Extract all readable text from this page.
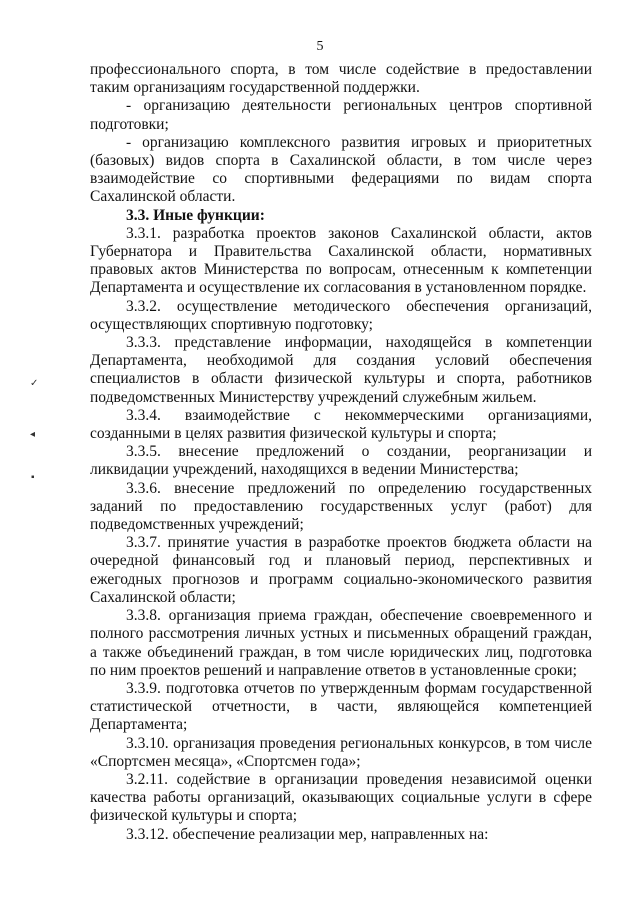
5
✓
◂
▪

профессионального спорта, в том числе содействие в предоставлении таким организациям государственной поддержки.

- организацию деятельности региональных центров спортивной подготовки;

- организацию комплексного развития игровых и приоритетных (базовых) видов спорта в Сахалинской области, в том числе через взаимодействие со спортивными федерациями по видам спорта Сахалинской области.

3.3. Иные функции:

3.3.1. разработка проектов законов Сахалинской области, актов Губернатора и Правительства Сахалинской области, нормативных правовых актов Министерства по вопросам, отнесенным к компетенции Департамента и осуществление их согласования в установленном порядке.

3.3.2. осуществление методического обеспечения организаций, осуществляющих спортивную подготовку;

3.3.3. представление информации, находящейся в компетенции Департамента, необходимой для создания условий обеспечения специалистов в области физической культуры и спорта, работников подведомственных Министерству учреждений служебным жильем.

3.3.4. взаимодействие с некоммерческими организациями, созданными в целях развития физической культуры и спорта;

3.3.5. внесение предложений о создании, реорганизации и ликвидации учреждений, находящихся в ведении Министерства;

3.3.6. внесение предложений по определению государственных заданий по предоставлению государственных услуг (работ) для подведомственных учреждений;

3.3.7. принятие участия в разработке проектов бюджета области на очередной финансовый год и плановый период, перспективных и ежегодных прогнозов и программ социально-экономического развития Сахалинской области;

3.3.8. организация приема граждан, обеспечение своевременного и полного рассмотрения личных устных и письменных обращений граждан, а также объединений граждан, в том числе юридических лиц, подготовка по ним проектов решений и направление ответов в установленные сроки;

3.3.9. подготовка отчетов по утвержденным формам государственной статистической отчетности, в части, являющейся компетенцией Департамента;

3.3.10. организация проведения региональных конкурсов, в том числе «Спортсмен месяца», «Спортсмен года»;

3.2.11. содействие в организации проведения независимой оценки качества работы организаций, оказывающих социальные услуги в сфере физической культуры и спорта;

3.3.12. обеспечение реализации мер, направленных на:
